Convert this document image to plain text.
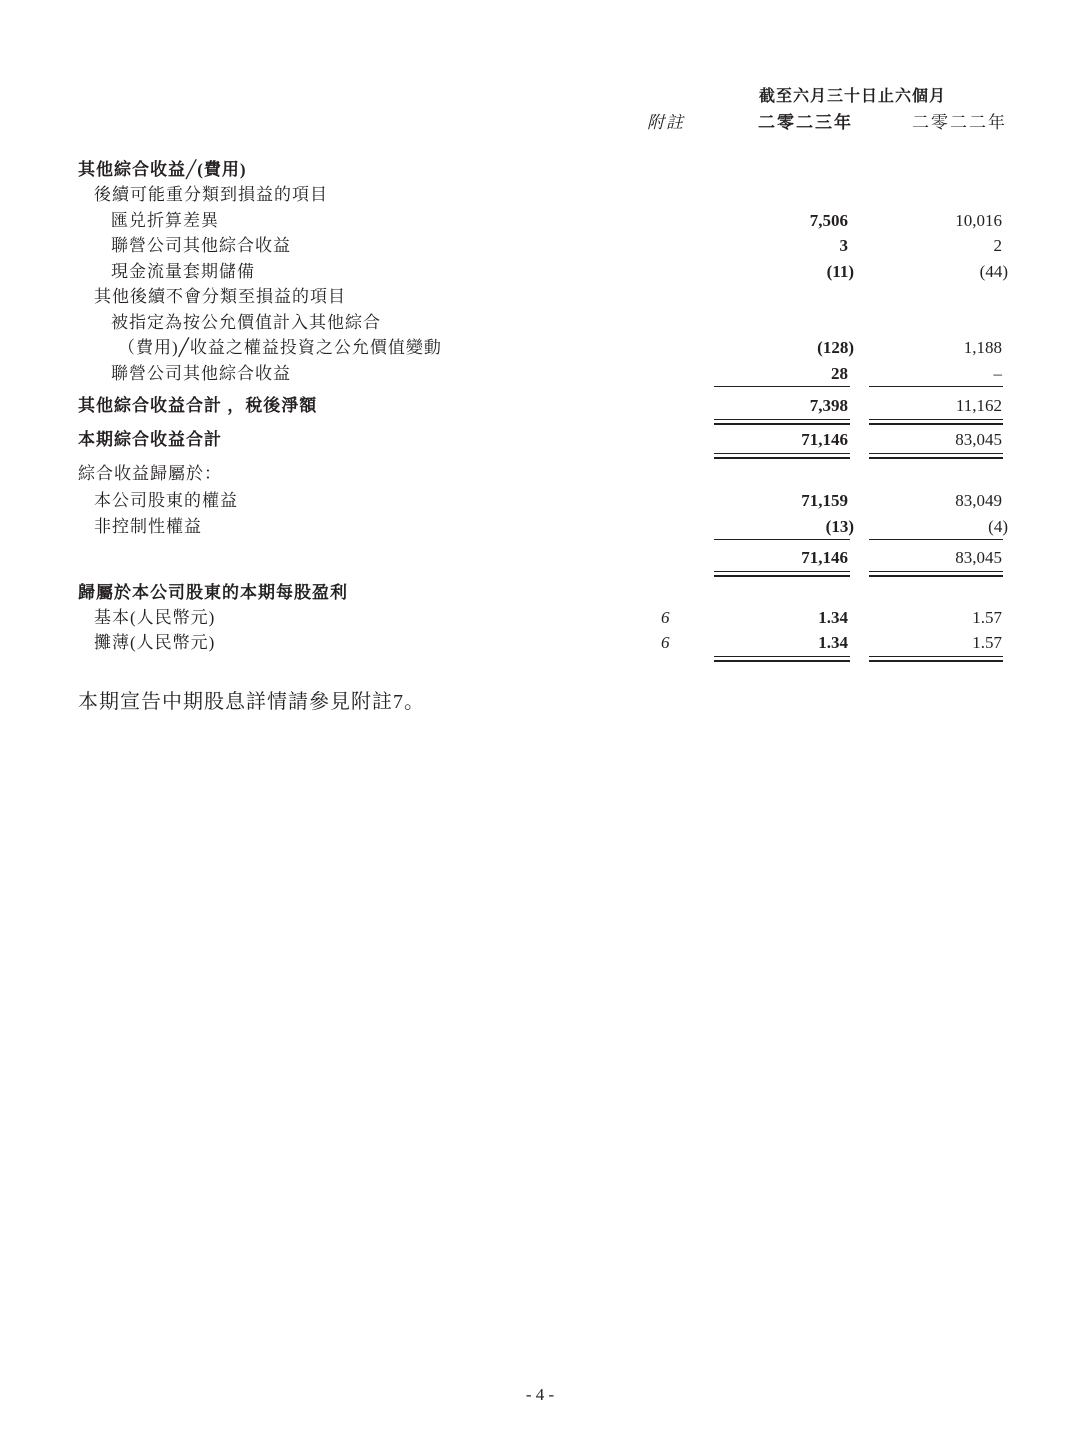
截至六月三十日止六個月
附註	二零二三年	二零二二年
其他綜合收益╱(費用)
後續可能重分類到損益的項目
匯兑折算差異	7,506	10,016
聯營公司其他綜合收益	3	2
現金流量套期儲備	(11)	(44)
其他後續不會分類至損益的項目
被指定為按公允價值計入其他綜合
（費用)╱收益之權益投資之公允價值變動	(128)	1,188
聯營公司其他綜合收益	28	–
其他綜合收益合計 ，稅後淨額	7,398	11,162
本期綜合收益合計	71,146	83,045
綜合收益歸屬於：
本公司股東的權益	71,159	83,049
非控制性權益	(13)	(4)
71,146	83,045
歸屬於本公司股東的本期每股盈利
基本(人民幣元)	6	1.34	1.57
攤薄(人民幣元)	6	1.34	1.57
本期宣告中期股息詳情請參見附註7。
- 4 -
